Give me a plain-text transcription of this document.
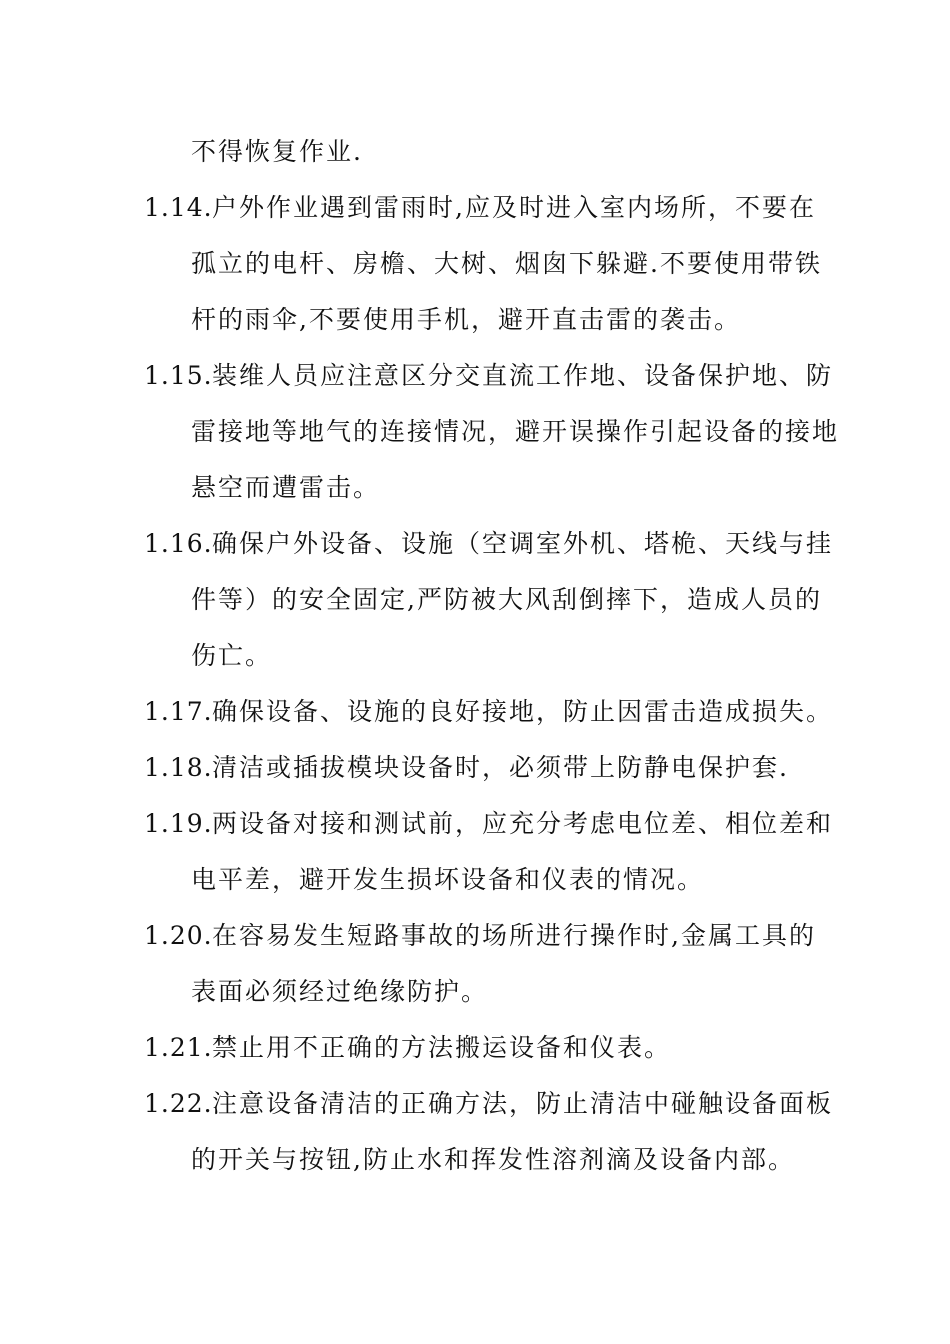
不得恢复作业.
1.14. 户外作业遇到雷雨时,应及时进入室内场所，不要在
孤立的电杆、房檐、大树、烟囱下躲避.不要使用带铁
杆的雨伞,不要使用手机，避开直击雷的袭击。
1.15. 装维人员应注意区分交直流工作地、设备保护地、防
雷接地等地气的连接情况，避开误操作引起设备的接地
悬空而遭雷击。
1.16. 确保户外设备、设施（空调室外机、塔桅、天线与挂
件等）的安全固定,严防被大风刮倒摔下，造成人员的
伤亡。
1.17. 确保设备、设施的良好接地，防止因雷击造成损失。
1.18. 清洁或插拔模块设备时，必须带上防静电保护套.
1.19. 两设备对接和测试前，应充分考虑电位差、相位差和
电平差，避开发生损坏设备和仪表的情况。
1.20. 在容易发生短路事故的场所进行操作时,金属工具的
表面必须经过绝缘防护。
1.21. 禁止用不正确的方法搬运设备和仪表。
1.22. 注意设备清洁的正确方法，防止清洁中碰触设备面板
的开关与按钮,防止水和挥发性溶剂滴及设备内部。
